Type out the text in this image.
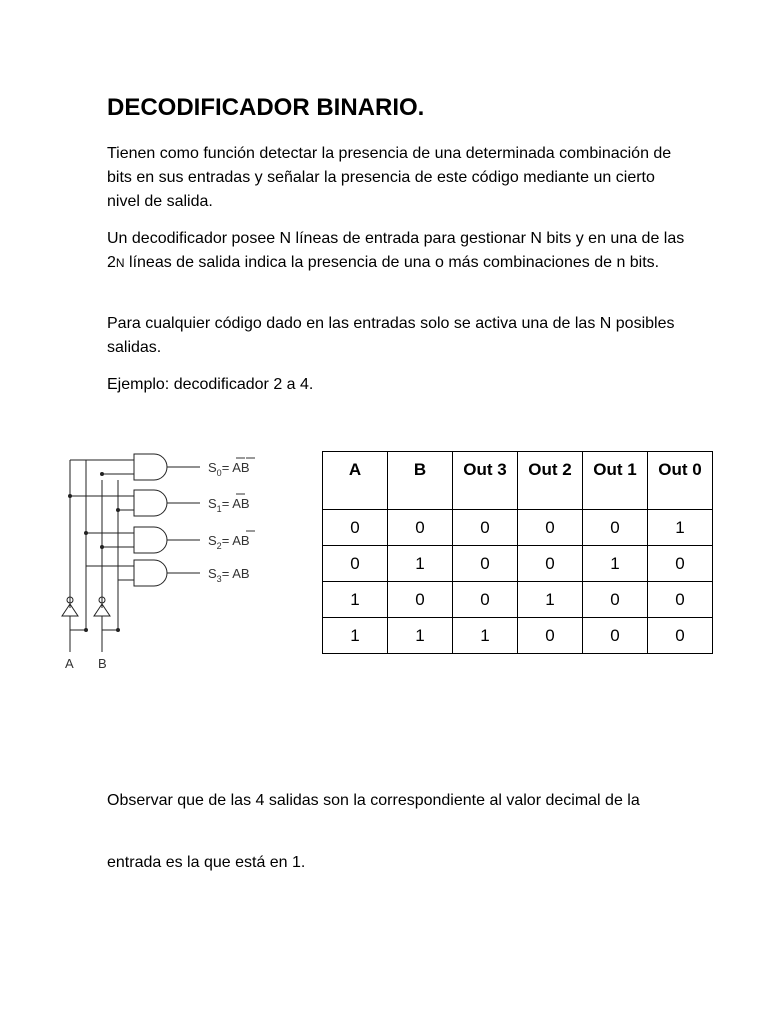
DECODIFICADOR BINARIO.

Tienen como función detectar la presencia de una determinada combinación de bits en sus entradas y señalar la presencia de este código mediante un cierto nivel de salida.

Un decodificador posee N líneas de entrada para gestionar N bits y en una de las 2N líneas de salida indica la presencia de una o más combinaciones de n bits.

Para cualquier código dado en las entradas solo se activa una de las N posibles salidas.

Ejemplo: decodificador 2 a 4.

$S_0=$ AB
$S_1=$ AB
$S_2=$ AB
$S_3=$ AB
A B
A	B	Out 3	Out 2	Out 1	Out 0
0	0	0	0	0	1
0	1	0	0	1	0
1	0	0	1	0	0
1	1	1	0	0	0

Observar que de las 4 salidas son la correspondiente al valor decimal de la

entrada es la que está en 1.
